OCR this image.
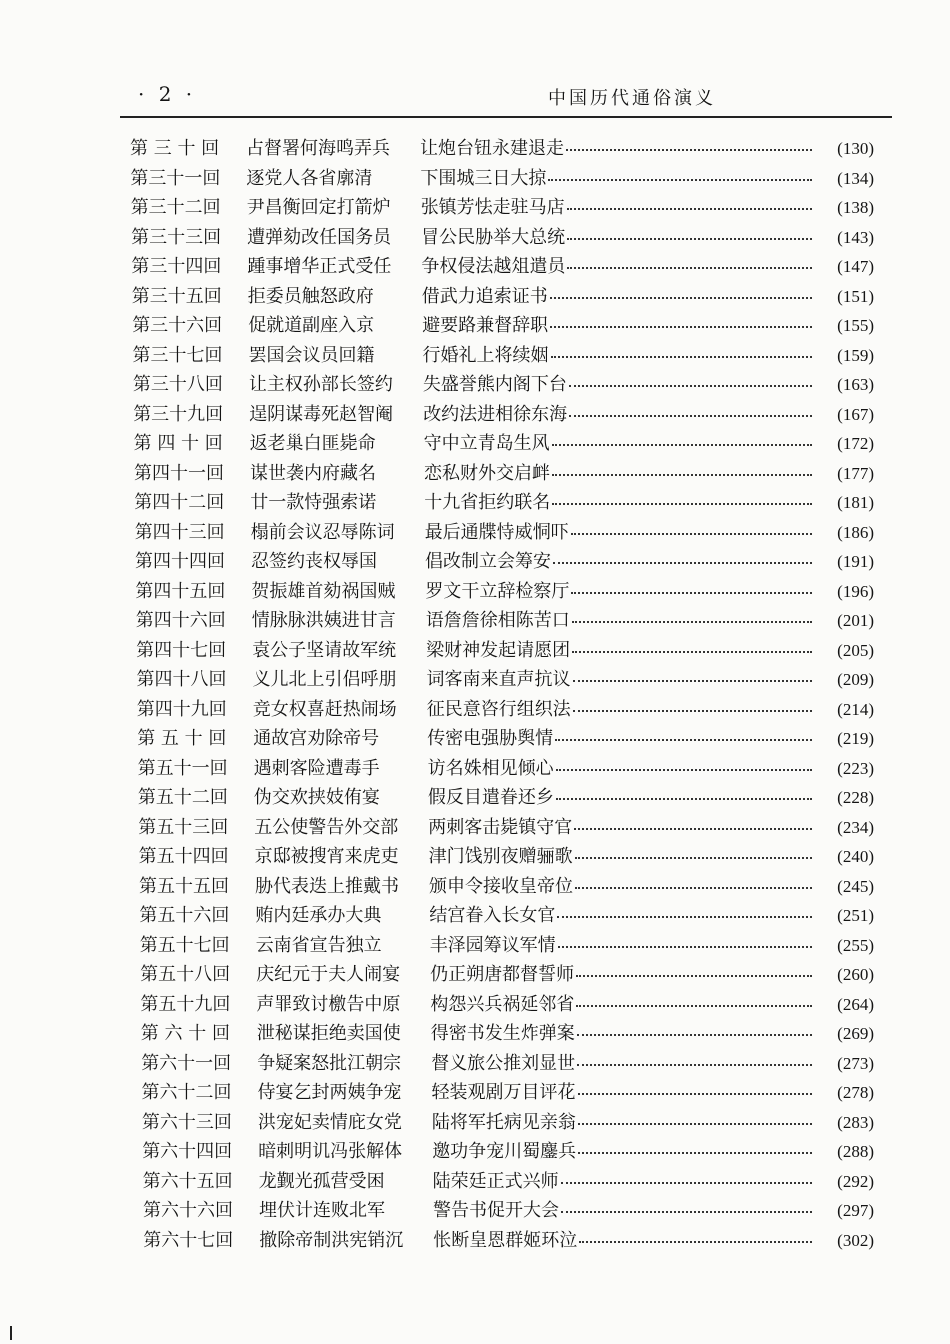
· 2 ·	中国历代通俗演义
第 三 十 回	占督署何海鸣弄兵 让炮台钮永建退走	(130)
第三十一回	逐党人各省廓清	下围城三日大掠	(134)
第三十二回	尹昌衡回定打箭炉 张镇芳怯走驻马店	(138)
第三十三回	遭弹劾改任国务员 冒公民胁举大总统	(143)
第三十四回	踵事增华正式受任 争权侵法越俎遣员	(147)
第三十五回	拒委员触怒政府	借武力追索证书	(151)
第三十六回	促就道副座入京	避要路兼督辞职	(155)
第三十七回	罢国会议员回籍	行婚礼上将续姻	(159)
第三十八回	让主权孙部长签约 失盛誉熊内阁下台	(163)
第三十九回	逞阴谋毒死赵智阉 改约法进相徐东海	(167)
第 四 十 回	返老巢白匪毙命	守中立青岛生风	(172)
第四十一回	谋世袭内府藏名	恋私财外交启衅	(177)
第四十二回	廿一款恃强索诺	十九省拒约联名	(181)
第四十三回	榻前会议忍辱陈词 最后通牒恃威恫吓	(186)
第四十四回	忍签约丧权辱国	倡改制立会筹安	(191)
第四十五回	贺振雄首劾祸国贼 罗文干立辞检察厅	(196)
第四十六回	情脉脉洪姨进甘言 语詹詹徐相陈苦口	(201)
第四十七回	袁公子坚请故军统 梁财神发起请愿团	(205)
第四十八回	义儿北上引侣呼朋 词客南来直声抗议	(209)
第四十九回	竞女权喜赶热闹场 征民意咨行组织法	(214)
第 五 十 回	通故宫劝除帝号	传密电强胁舆情	(219)
第五十一回	遇刺客险遭毒手	访名姝相见倾心	(223)
第五十二回	伪交欢挟妓侑宴	假反目遣眷还乡	(228)
第五十三回	五公使警告外交部 两刺客击毙镇守官	(234)
第五十四回	京邸被搜宵来虎吏 津门饯别夜赠骊歌	(240)
第五十五回	胁代表迭上推戴书 颁申令接收皇帝位	(245)
第五十六回	贿内廷承办大典	结宫眷入长女官	(251)
第五十七回	云南省宣告独立	丰泽园筹议军情	(255)
第五十八回	庆纪元于夫人闹宴 仍正朔唐都督誓师	(260)
第五十九回	声罪致讨檄告中原 构怨兴兵祸延邻省	(264)
第 六 十 回	泄秘谋拒绝卖国使 得密书发生炸弹案	(269)
第六十一回	争疑案怒批江朝宗 督义旅公推刘显世	(273)
第六十二回	侍宴乞封两姨争宠 轻装观剧万目评花	(278)
第六十三回	洪宠妃卖情庇女党 陆将军托病见亲翁	(283)
第六十四回	暗刺明讥冯张解体 邀功争宠川蜀鏖兵	(288)
第六十五回	龙觐光孤营受困	陆荣廷正式兴师	(292)
第六十六回	埋伏计连败北军	警告书促开大会	(297)
第六十七回	撤除帝制洪宪销沉 怅断皇恩群姬环泣	(302)
